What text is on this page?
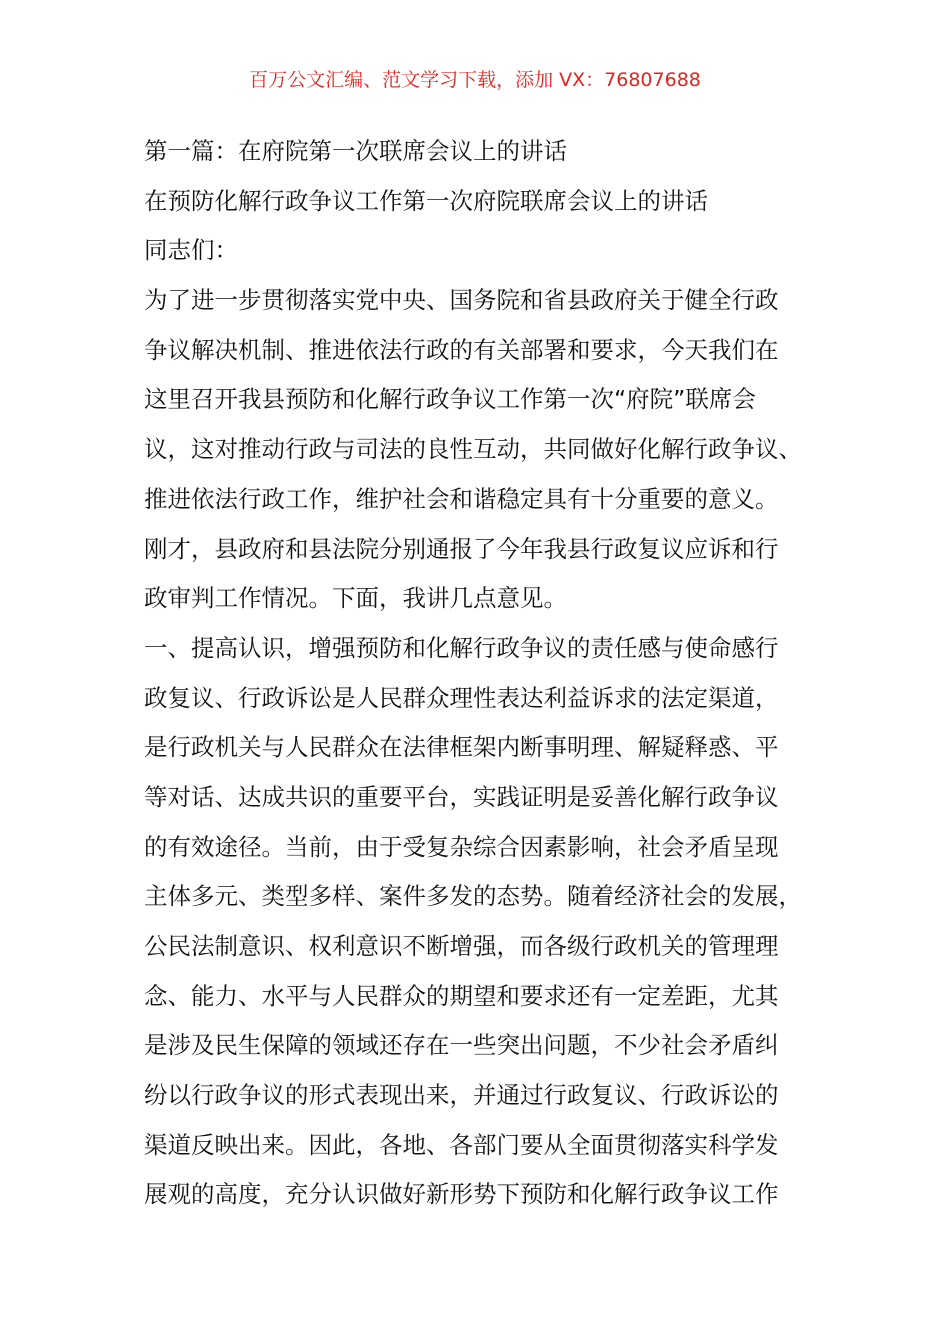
百万公文汇编、范文学习下载，添加 VX：76807688
第一篇：在府院第一次联席会议上的讲话
在预防化解行政争议工作第一次府院联席会议上的讲话
同志们：
为了进一步贯彻落实党中央、国务院和省县政府关于健全行政
争议解决机制、推进依法行政的有关部署和要求，今天我们在
这里召开我县预防和化解行政争议工作第一次“府院”联席会
议，这对推动行政与司法的良性互动，共同做好化解行政争议、
推进依法行政工作，维护社会和谐稳定具有十分重要的意义。
刚才，县政府和县法院分别通报了今年我县行政复议应诉和行
政审判工作情况。下面，我讲几点意见。
一、提高认识，增强预防和化解行政争议的责任感与使命感行
政复议、行政诉讼是人民群众理性表达利益诉求的法定渠道，
是行政机关与人民群众在法律框架内断事明理、解疑释惑、平
等对话、达成共识的重要平台，实践证明是妥善化解行政争议
的有效途径。当前，由于受复杂综合因素影响，社会矛盾呈现
主体多元、类型多样、案件多发的态势。随着经济社会的发展，
公民法制意识、权利意识不断增强，而各级行政机关的管理理
念、能力、水平与人民群众的期望和要求还有一定差距，尤其
是涉及民生保障的领域还存在一些突出问题，不少社会矛盾纠
纷以行政争议的形式表现出来，并通过行政复议、行政诉讼的
渠道反映出来。因此，各地、各部门要从全面贯彻落实科学发
展观的高度，充分认识做好新形势下预防和化解行政争议工作
